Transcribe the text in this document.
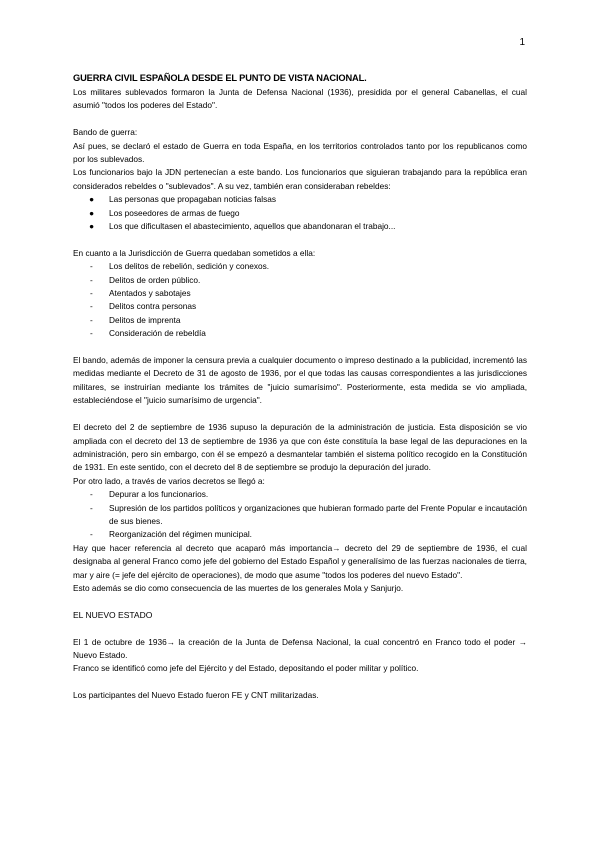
1
GUERRA CIVIL ESPAÑOLA DESDE EL PUNTO DE VISTA NACIONAL.

Los militares sublevados formaron la Junta de Defensa Nacional (1936), presidida por el general Cabanellas, el cual asumió "todos los poderes del Estado".

Bando de guerra:

Así pues, se declaró el estado de Guerra en toda España, en los territorios controlados tanto por los republicanos como por los sublevados.

Los funcionarios bajo la JDN pertenecían a este bando. Los funcionarios que siguieran trabajando para la república eran considerados rebeldes o "sublevados". A su vez, también eran consideraban rebeldes:

● Las personas que propagaban noticias falsas
● Los poseedores de armas de fuego
● Los que dificultasen el abastecimiento, aquellos que abandonaran el trabajo...

En cuanto a la Jurisdicción de Guerra quedaban sometidos a ella:

- Los delitos de rebelión, sedición y conexos.
- Delitos de orden público.
- Atentados y sabotajes
- Delitos contra personas
- Delitos de imprenta
- Consideración de rebeldía

El bando, además de imponer la censura previa a cualquier documento o impreso destinado a la publicidad, incrementó las medidas mediante el Decreto de 31 de agosto de 1936, por el que todas las causas correspondientes a las jurisdicciones militares, se instruirían mediante los trámites de "juicio sumarísimo". Posteriormente, esta medida se vio ampliada, estableciéndose el "juicio sumarísimo de urgencia".

El decreto del 2 de septiembre de 1936 supuso la depuración de la administración de justicia. Esta disposición se vio ampliada con el decreto del 13 de septiembre de 1936 ya que con éste constituía la base legal de las depuraciones en la administración, pero sin embargo, con él se empezó a desmantelar también el sistema político recogido en la Constitución de 1931. En este sentido, con el decreto del 8 de septiembre se produjo la depuración del jurado.

Por otro lado, a través de varios decretos se llegó a:

- Depurar a los funcionarios.
- Supresión de los partidos políticos y organizaciones que hubieran formado parte del Frente Popular e incautación de sus bienes.
- Reorganización del régimen municipal.

Hay que hacer referencia al decreto que acaparó más importancia→ decreto del 29 de septiembre de 1936, el cual designaba al general Franco como jefe del gobierno del Estado Español y generalísimo de las fuerzas nacionales de tierra, mar y aire (= jefe del ejército de operaciones), de modo que asume "todos los poderes del nuevo Estado".

Esto además se dio como consecuencia de las muertes de los generales Mola y Sanjurjo.

EL NUEVO ESTADO

El 1 de octubre de 1936→ la creación de la Junta de Defensa Nacional, la cual concentró en Franco todo el poder → Nuevo Estado.

Franco se identificó como jefe del Ejército y del Estado, depositando el poder militar y político.

Los participantes del Nuevo Estado fueron FE y CNT militarizadas.
